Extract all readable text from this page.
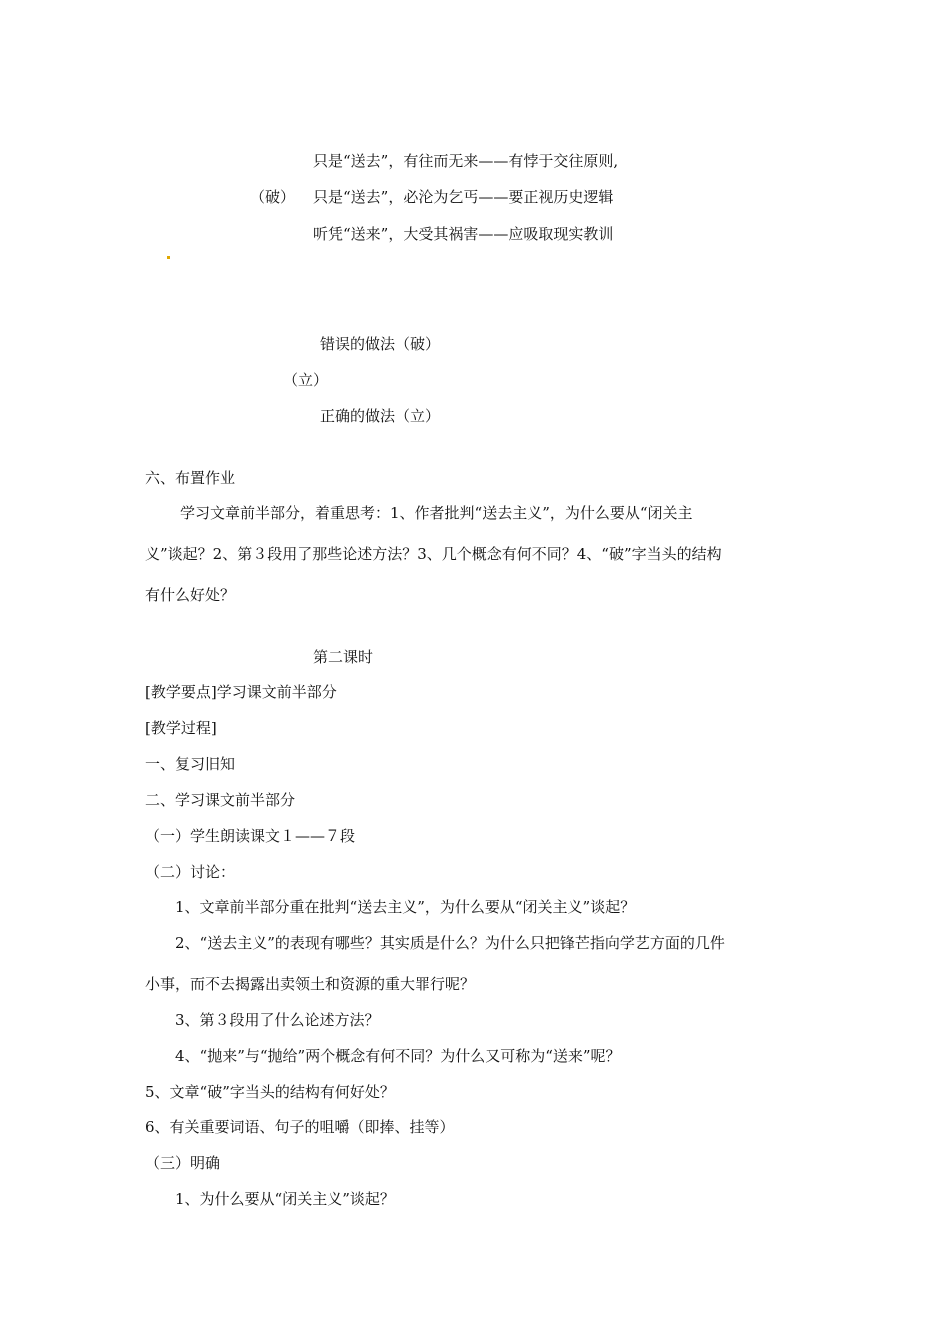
只是“送去”，有往而无来——有悖于交往原则,
（破） 只是“送去”，必沦为乞丐——要正视历史逻辑
听凭“送来”，大受其祸害——应吸取现实教训
错误的做法（破）
（立）
正确的做法（立）
六、布置作业
学习文章前半部分，着重思考：1、作者批判“送去主义”，为什么要从“闭关主
义”谈起？2、第３段用了那些论述方法？3、几个概念有何不同？4、“破”字当头的结构
有什么好处？
第二课时
[教学要点]学习课文前半部分
[教学过程]
一、复习旧知
二、学习课文前半部分
（一）学生朗读课文１——７段
（二）讨论：
1、文章前半部分重在批判“送去主义”，为什么要从“闭关主义”谈起？
2、“送去主义”的表现有哪些？其实质是什么？为什么只把锋芒指向学艺方面的几件
小事，而不去揭露出卖领土和资源的重大罪行呢？
3、第３段用了什么论述方法？
4、“抛来”与“抛给”两个概念有何不同？为什么又可称为“送来”呢？
5、文章“破”字当头的结构有何好处？
6、有关重要词语、句子的咀嚼（即捧、挂等）
（三）明确
1、为什么要从“闭关主义”谈起？
